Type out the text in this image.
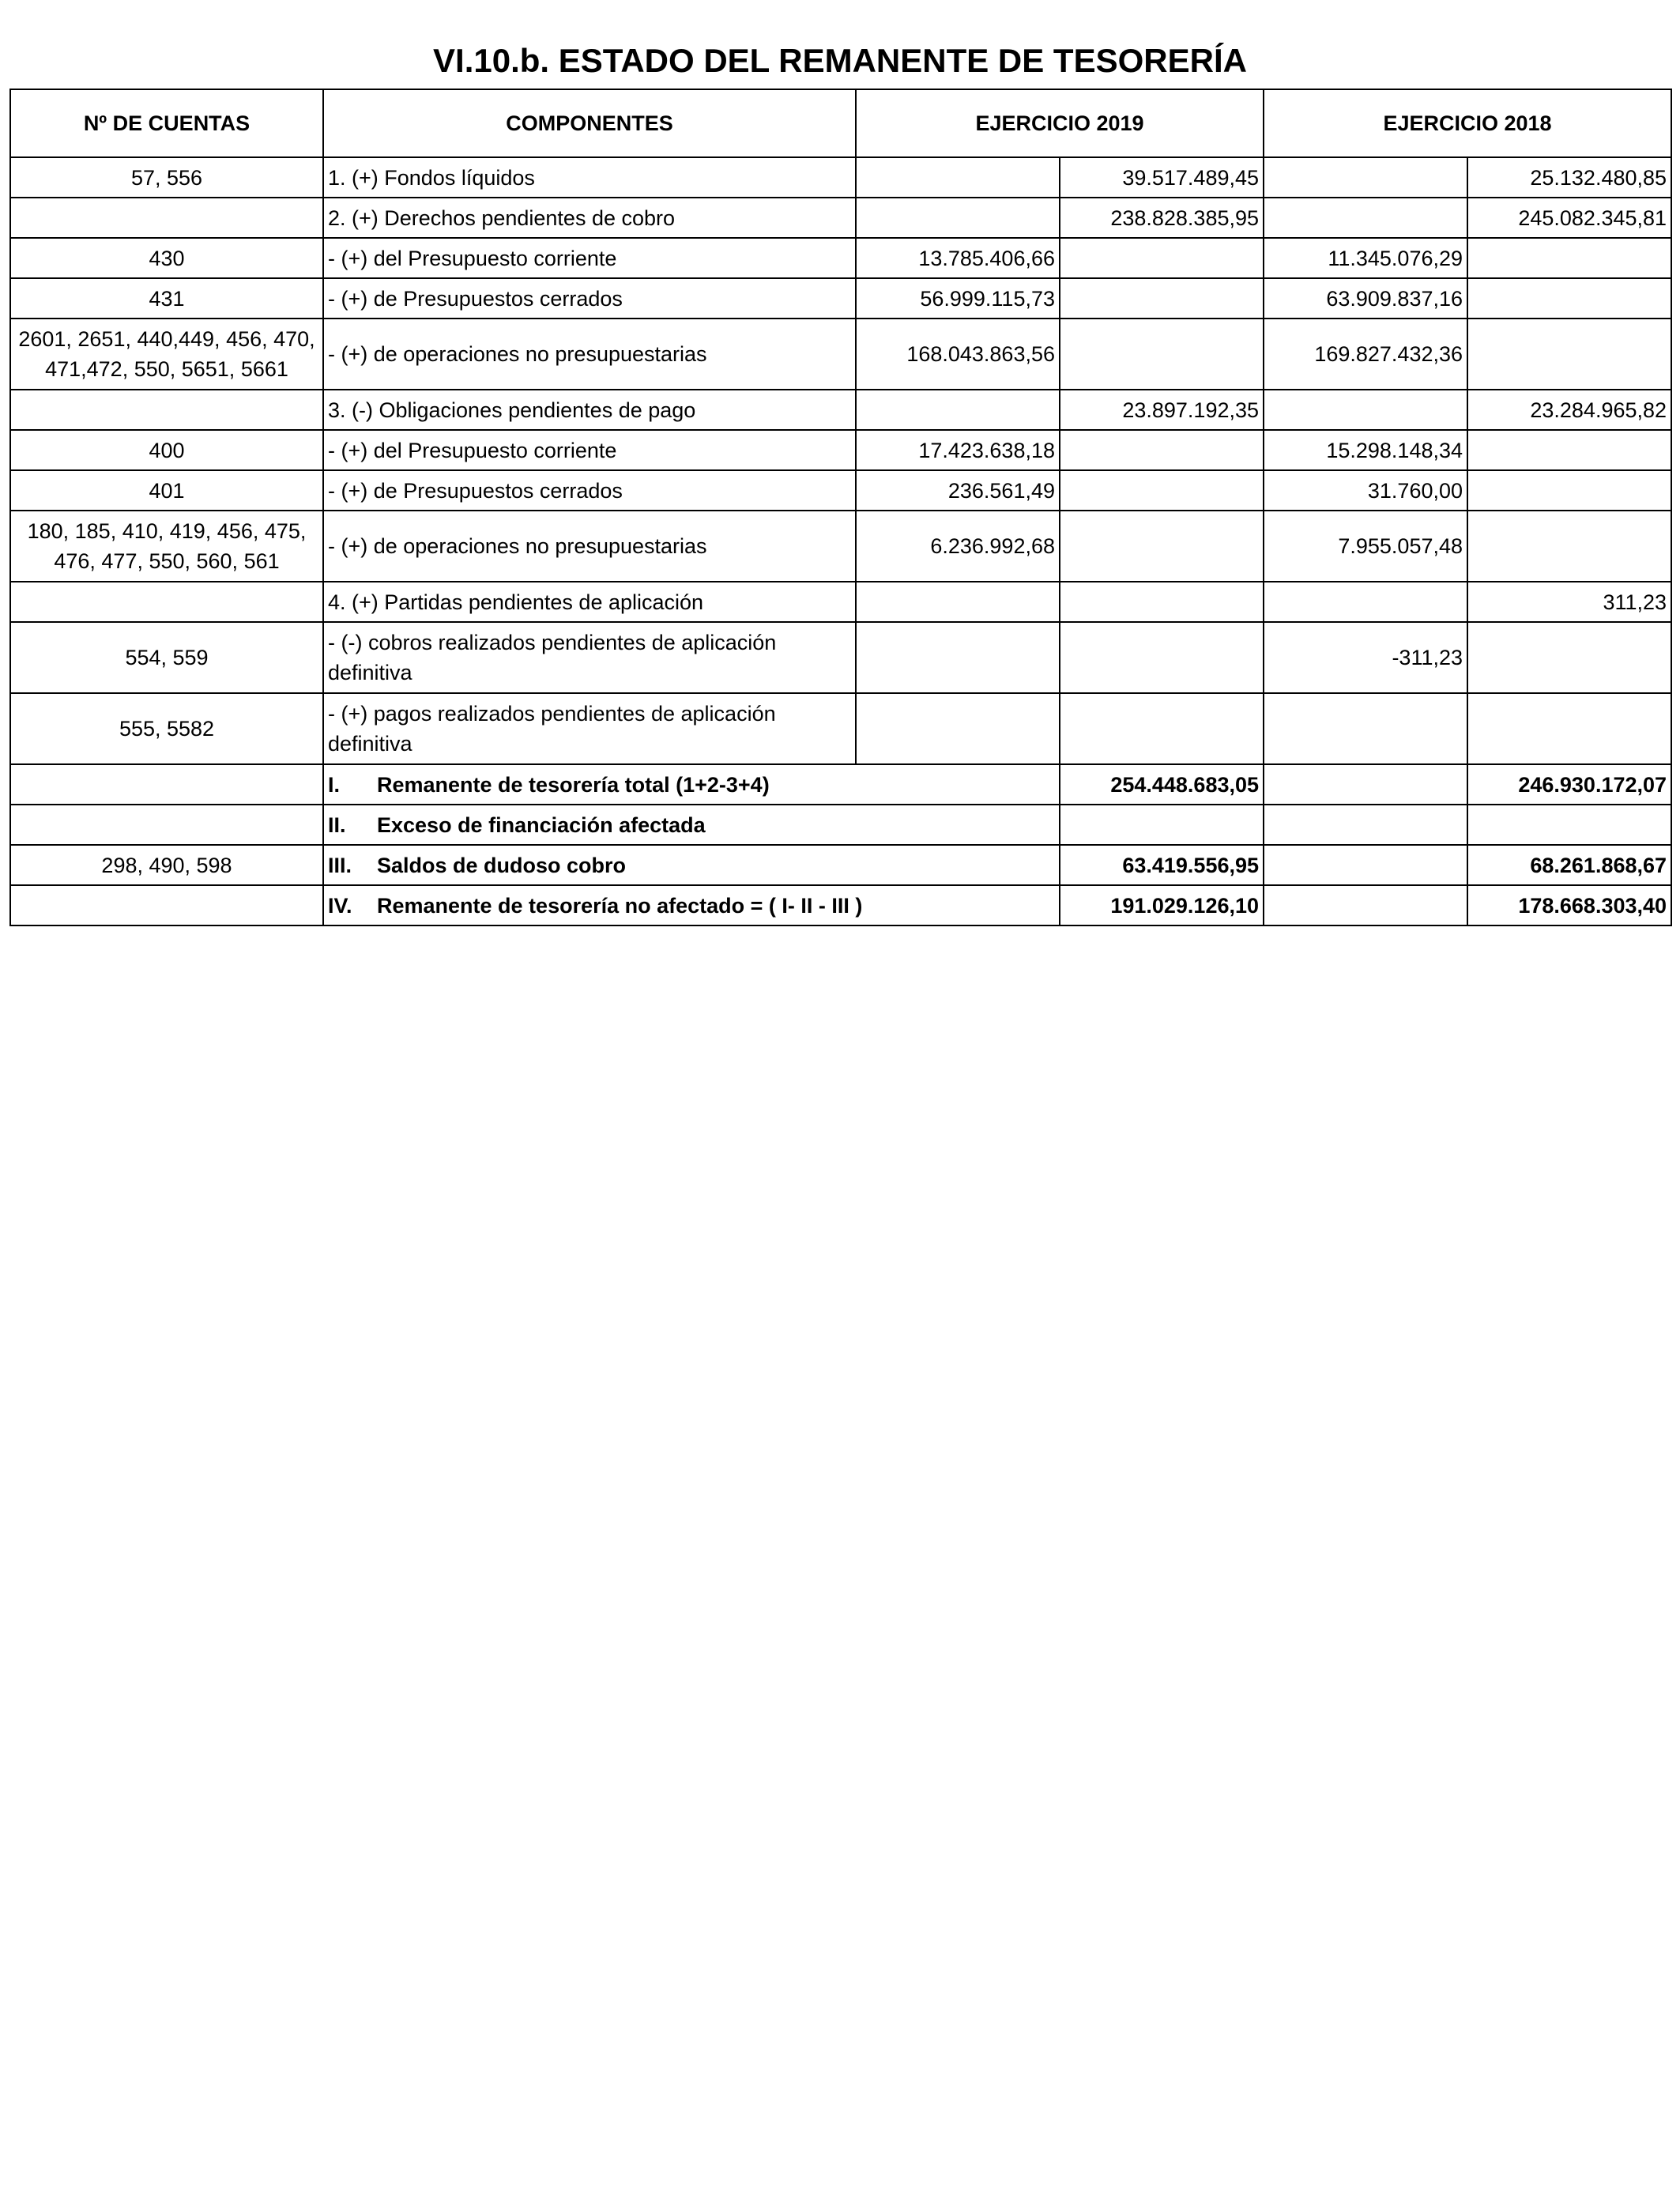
VI.10.b. ESTADO DEL REMANENTE DE TESORERÍA
Nº DE CUENTAS	COMPONENTES	EJERCICIO 2019		EJERCICIO 2018	
57, 556	1. (+) Fondos líquidos		39.517.489,45		25.132.480,85
	2. (+) Derechos pendientes de cobro		238.828.385,95		245.082.345,81
430	- (+) del Presupuesto corriente	13.785.406,66		11.345.076,29	
431	- (+) de Presupuestos cerrados	56.999.115,73		63.909.837,16	
2601, 2651, 440,449, 456, 470, 471,472, 550, 5651, 5661	- (+) de operaciones no presupuestarias	168.043.863,56		169.827.432,36	
	3. (-) Obligaciones pendientes de pago		23.897.192,35		23.284.965,82
400	- (+) del Presupuesto corriente	17.423.638,18		15.298.148,34	
401	- (+) de Presupuestos cerrados	236.561,49		31.760,00	
180, 185, 410, 419, 456, 475, 476, 477, 550, 560, 561	- (+) de operaciones no presupuestarias	6.236.992,68		7.955.057,48	
	4. (+) Partidas pendientes de aplicación				311,23
554, 559	- (-) cobros realizados pendientes de aplicación definitiva			-311,23	
555, 5582	- (+) pagos realizados pendientes de aplicación definitiva				
	I. Remanente de tesorería total (1+2-3+4)		254.448.683,05		246.930.172,07
	II. Exceso de financiación afectada				
298, 490, 598	III. Saldos de dudoso cobro		63.419.556,95		68.261.868,67
	IV. Remanente de tesorería no afectado = ( I- II - III )		191.029.126,10		178.668.303,40
